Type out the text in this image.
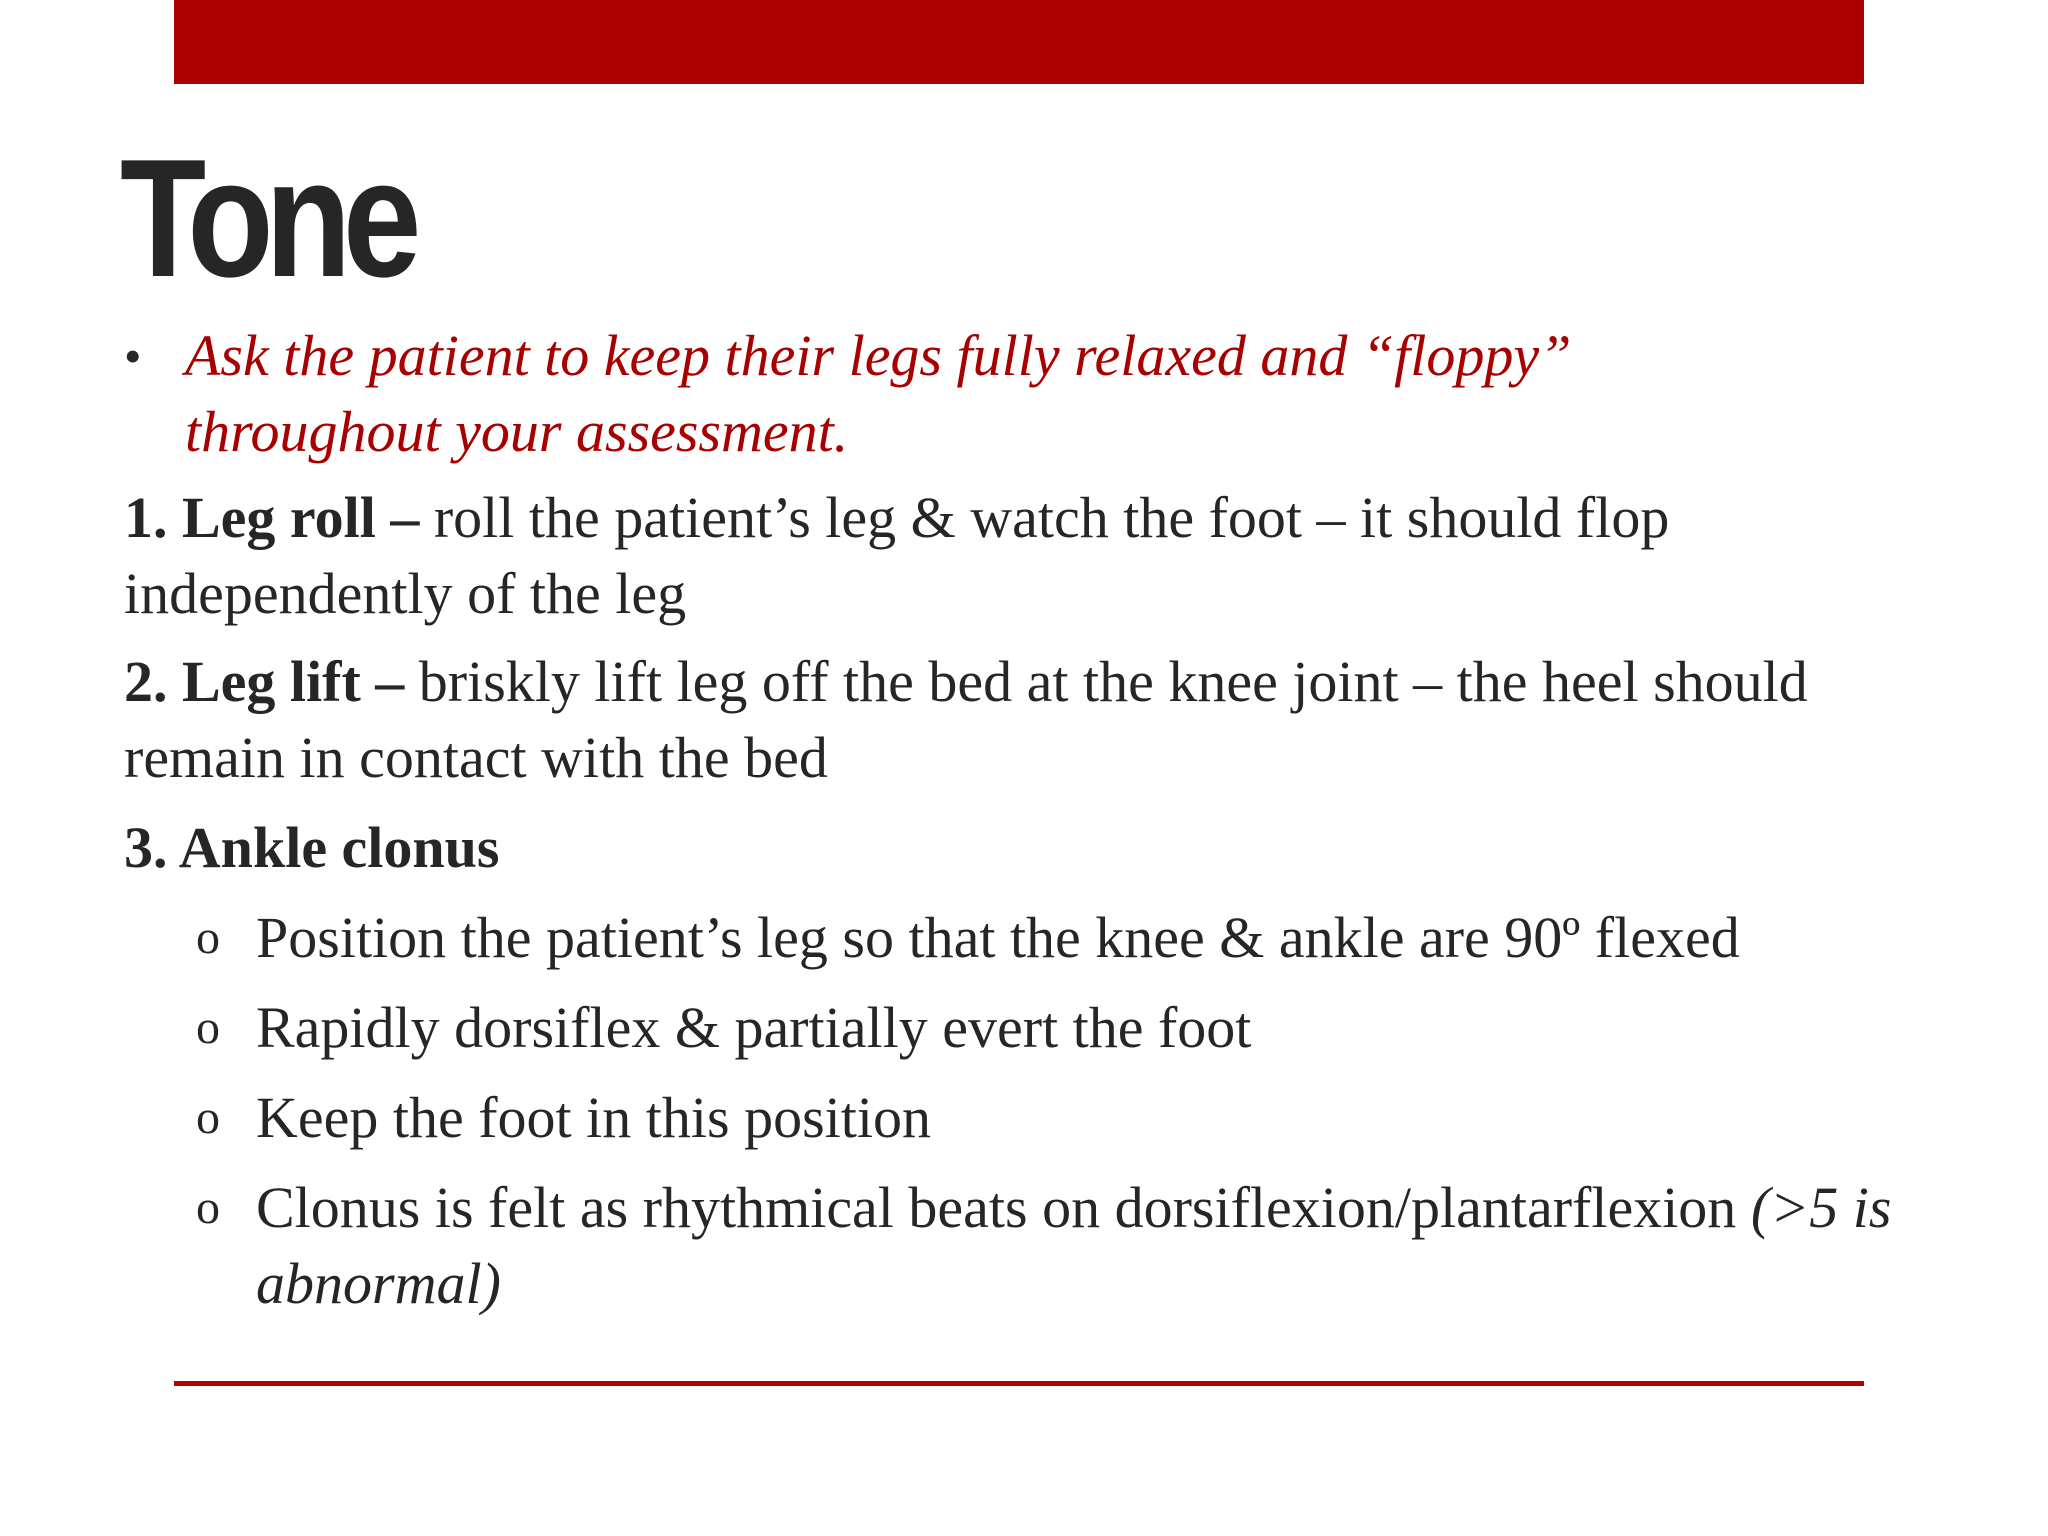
Tone
• Ask the patient to keep their legs fully relaxed and “floppy” throughout your assessment.
1. Leg roll – roll the patient’s leg & watch the foot – it should flop independently of the leg
2. Leg lift – briskly lift leg off the bed at the knee joint – the heel should remain in contact with the bed
3. Ankle clonus
o Position the patient’s leg so that the knee & ankle are 90º flexed
o Rapidly dorsiflex & partially evert the foot
o Keep the foot in this position
o Clonus is felt as rhythmical beats on dorsiflexion/plantarflexion (>5 is abnormal)
